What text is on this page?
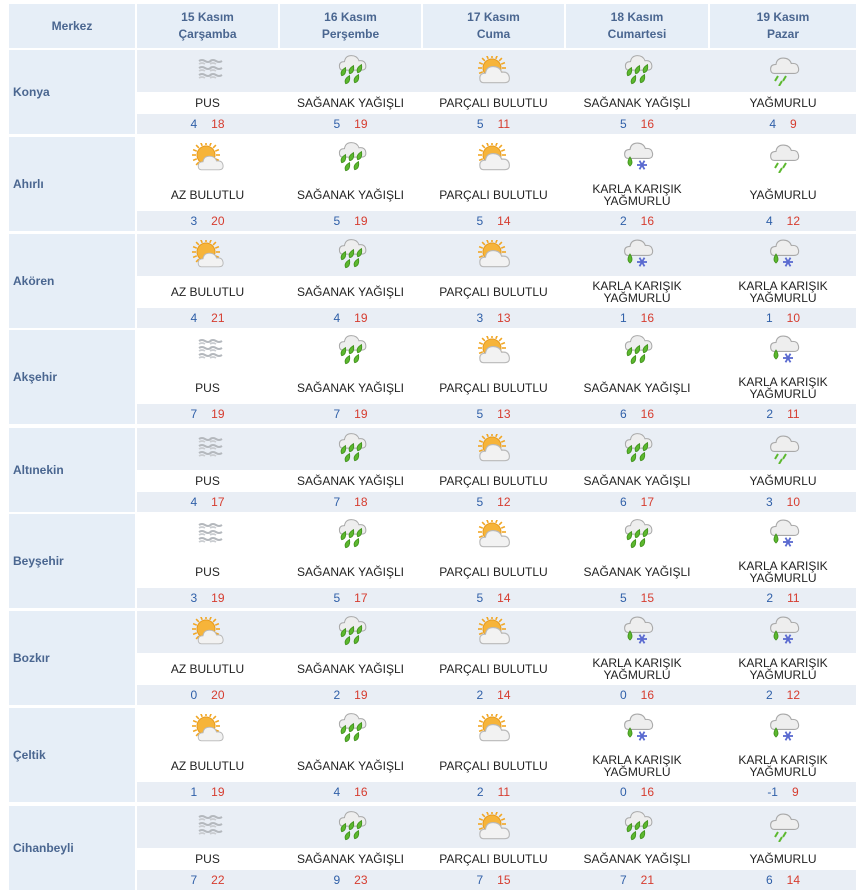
Merkez
15 Kasım
Çarşamba
16 Kasım
Perşembe
17 Kasım
Cuma
18 Kasım
Cumartesi
19 Kasım
Pazar
Konya
PUS
4 18
SAĞANAK YAĞIŞLI
5 19
PARÇALI BULUTLU
5 11
SAĞANAK YAĞIŞLI
5 16
YAĞMURLU
4 9
Ahırlı
AZ BULUTLU
3 20
SAĞANAK YAĞIŞLI
5 19
PARÇALI BULUTLU
5 14
KARLA KARIŞIK
YAĞMURLU
2 16
YAĞMURLU
4 12
Akören
AZ BULUTLU
4 21
SAĞANAK YAĞIŞLI
4 19
PARÇALI BULUTLU
3 13
KARLA KARIŞIK
YAĞMURLU
1 16
KARLA KARIŞIK
YAĞMURLU
1 10
Akşehir
PUS
7 19
SAĞANAK YAĞIŞLI
7 19
PARÇALI BULUTLU
5 13
SAĞANAK YAĞIŞLI
6 16
KARLA KARIŞIK
YAĞMURLU
2 11
Altınekin
PUS
4 17
SAĞANAK YAĞIŞLI
7 18
PARÇALI BULUTLU
5 12
SAĞANAK YAĞIŞLI
6 17
YAĞMURLU
3 10
Beyşehir
PUS
3 19
SAĞANAK YAĞIŞLI
5 17
PARÇALI BULUTLU
5 14
SAĞANAK YAĞIŞLI
5 15
KARLA KARIŞIK
YAĞMURLU
2 11
Bozkır
AZ BULUTLU
0 20
SAĞANAK YAĞIŞLI
2 19
PARÇALI BULUTLU
2 14
KARLA KARIŞIK
YAĞMURLU
0 16
KARLA KARIŞIK
YAĞMURLU
2 12
Çeltik
AZ BULUTLU
1 19
SAĞANAK YAĞIŞLI
4 16
PARÇALI BULUTLU
2 11
KARLA KARIŞIK
YAĞMURLU
0 16
KARLA KARIŞIK
YAĞMURLU
-1 9
Cihanbeyli
PUS
7 22
SAĞANAK YAĞIŞLI
9 23
PARÇALI BULUTLU
7 15
SAĞANAK YAĞIŞLI
7 21
YAĞMURLU
6 14
